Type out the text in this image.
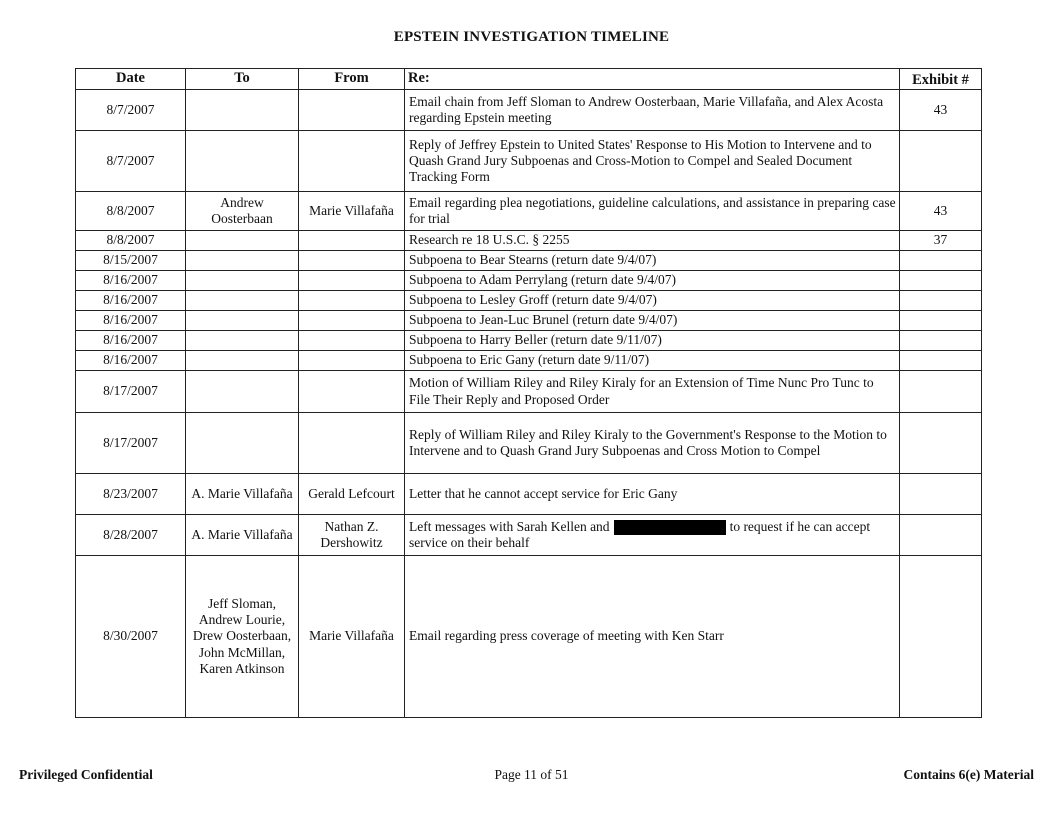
EPSTEIN INVESTIGATION TIMELINE
Date	To	From	Re:	Exhibit #
8/7/2007			Email chain from Jeff Sloman to Andrew Oosterbaan, Marie Villafaña, and Alex Acosta regarding Epstein meeting	43
8/7/2007			Reply of Jeffrey Epstein to United States' Response to His Motion to Intervene and to Quash Grand Jury Subpoenas and Cross-Motion to Compel and Sealed Document Tracking Form	
8/8/2007	Andrew Oosterbaan	Marie Villafaña	Email regarding plea negotiations, guideline calculations, and assistance in preparing case for trial	43
8/8/2007			Research re 18 U.S.C. § 2255	37
8/15/2007			Subpoena to Bear Stearns (return date 9/4/07)	
8/16/2007			Subpoena to Adam Perrylang (return date 9/4/07)	
8/16/2007			Subpoena to Lesley Groff (return date 9/4/07)	
8/16/2007			Subpoena to Jean-Luc Brunel (return date 9/4/07)	
8/16/2007			Subpoena to Harry Beller (return date 9/11/07)	
8/16/2007			Subpoena to Eric Gany (return date 9/11/07)	
8/17/2007			Motion of William Riley and Riley Kiraly for an Extension of Time Nunc Pro Tunc to File Their Reply and Proposed Order	
8/17/2007			Reply of William Riley and Riley Kiraly to the Government's Response to the Motion to Intervene and to Quash Grand Jury Subpoenas and Cross Motion to Compel	
8/23/2007	A. Marie Villafaña	Gerald Lefcourt	Letter that he cannot accept service for Eric Gany	
8/28/2007	A. Marie Villafaña	Nathan Z. Dershowitz	Left messages with Sarah Kellen and to request if he can accept service on their behalf	
8/30/2007	Jeff Sloman, Andrew Lourie, Drew Oosterbaan, John McMillan, Karen Atkinson	Marie Villafaña	Email regarding press coverage of meeting with Ken Starr	
Privileged Confidential	Page 11 of 51	Contains 6(e) Material
